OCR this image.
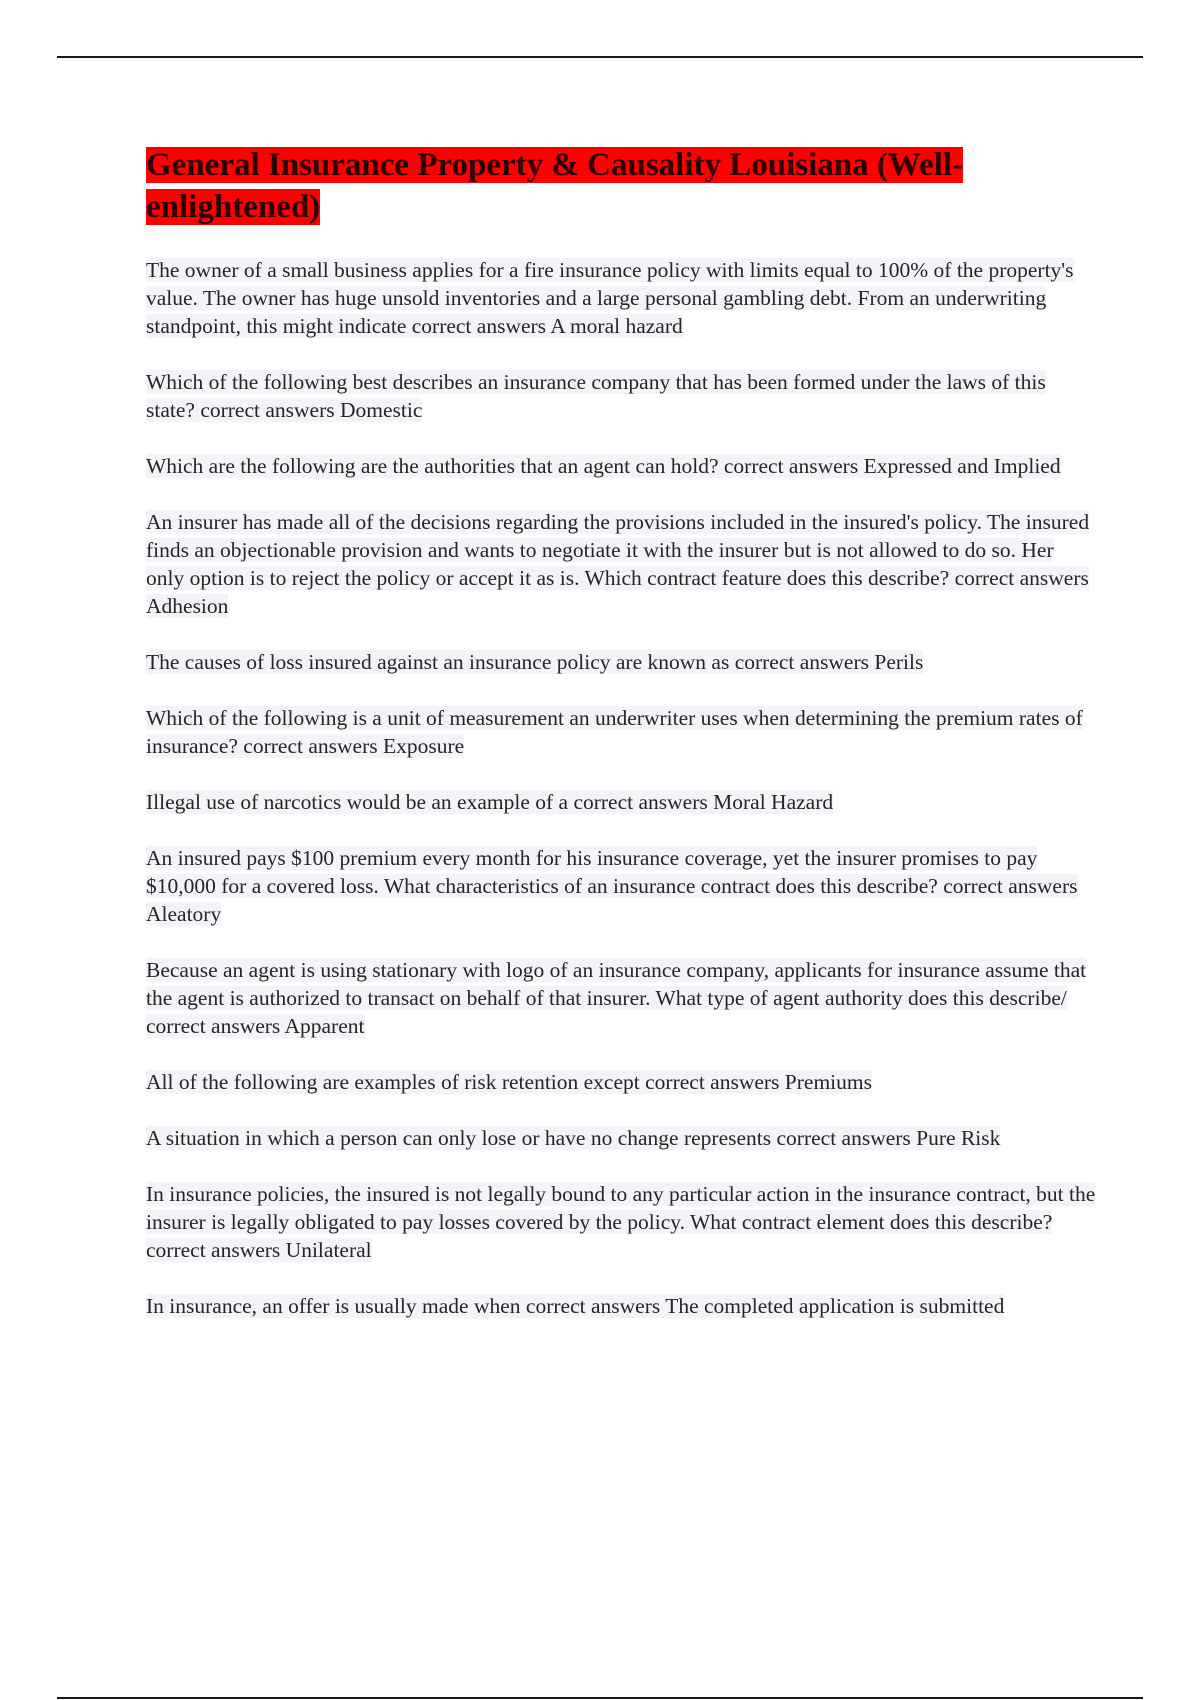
General Insurance Property & Causality Louisiana (Well-enlightened)

The owner of a small business applies for a fire insurance policy with limits equal to 100% of the property's value. The owner has huge unsold inventories and a large personal gambling debt. From an underwriting standpoint, this might indicate correct answers A moral hazard

Which of the following best describes an insurance company that has been formed under the laws of this state? correct answers Domestic

Which are the following are the authorities that an agent can hold? correct answers Expressed and Implied

An insurer has made all of the decisions regarding the provisions included in the insured's policy. The insured finds an objectionable provision and wants to negotiate it with the insurer but is not allowed to do so. Her only option is to reject the policy or accept it as is. Which contract feature does this describe? correct answers Adhesion

The causes of loss insured against an insurance policy are known as correct answers Perils

Which of the following is a unit of measurement an underwriter uses when determining the premium rates of insurance? correct answers Exposure

Illegal use of narcotics would be an example of a correct answers Moral Hazard

An insured pays $100 premium every month for his insurance coverage, yet the insurer promises to pay $10,000 for a covered loss. What characteristics of an insurance contract does this describe? correct answers Aleatory

Because an agent is using stationary with logo of an insurance company, applicants for insurance assume that the agent is authorized to transact on behalf of that insurer. What type of agent authority does this describe/ correct answers Apparent

All of the following are examples of risk retention except correct answers Premiums

A situation in which a person can only lose or have no change represents correct answers Pure Risk

In insurance policies, the insured is not legally bound to any particular action in the insurance contract, but the insurer is legally obligated to pay losses covered by the policy. What contract element does this describe? correct answers Unilateral

In insurance, an offer is usually made when correct answers The completed application is submitted
